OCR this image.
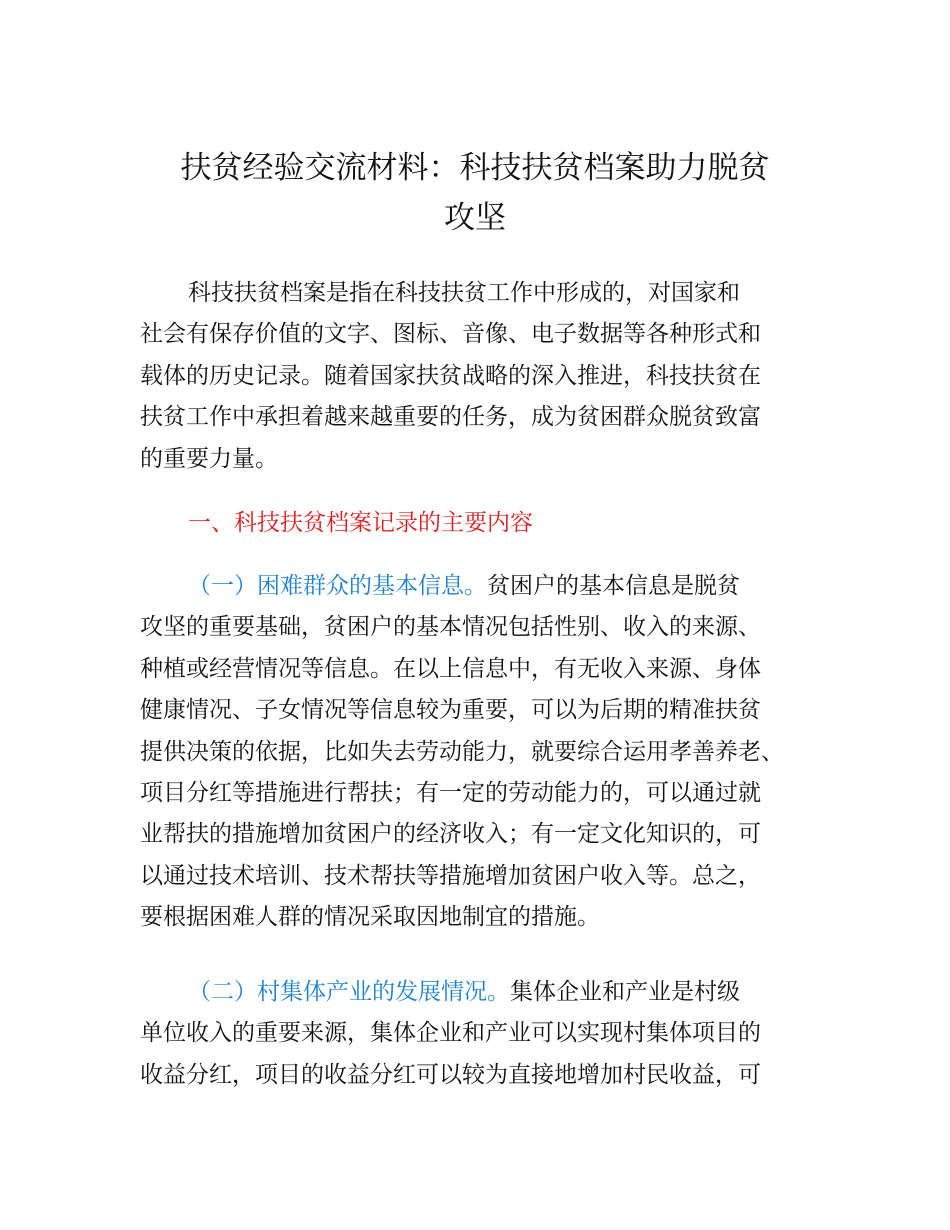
扶贫经验交流材料：科技扶贫档案助力脱贫
攻坚
科技扶贫档案是指在科技扶贫工作中形成的，对国家和
社会有保存价值的文字、图标、音像、电子数据等各种形式和
载体的历史记录。随着国家扶贫战略的深入推进，科技扶贫在
扶贫工作中承担着越来越重要的任务，成为贫困群众脱贫致富
的重要力量。
一、科技扶贫档案记录的主要内容
（一）困难群众的基本信息。贫困户的基本信息是脱贫
攻坚的重要基础，贫困户的基本情况包括性别、收入的来源、
种植或经营情况等信息。在以上信息中，有无收入来源、身体
健康情况、子女情况等信息较为重要，可以为后期的精准扶贫
提供决策的依据，比如失去劳动能力，就要综合运用孝善养老、
项目分红等措施进行帮扶；有一定的劳动能力的，可以通过就
业帮扶的措施增加贫困户的经济收入；有一定文化知识的，可
以通过技术培训、技术帮扶等措施增加贫困户收入等。总之，
要根据困难人群的情况采取因地制宜的措施。
（二）村集体产业的发展情况。集体企业和产业是村级
单位收入的重要来源，集体企业和产业可以实现村集体项目的
收益分红，项目的收益分红可以较为直接地增加村民收益，可
